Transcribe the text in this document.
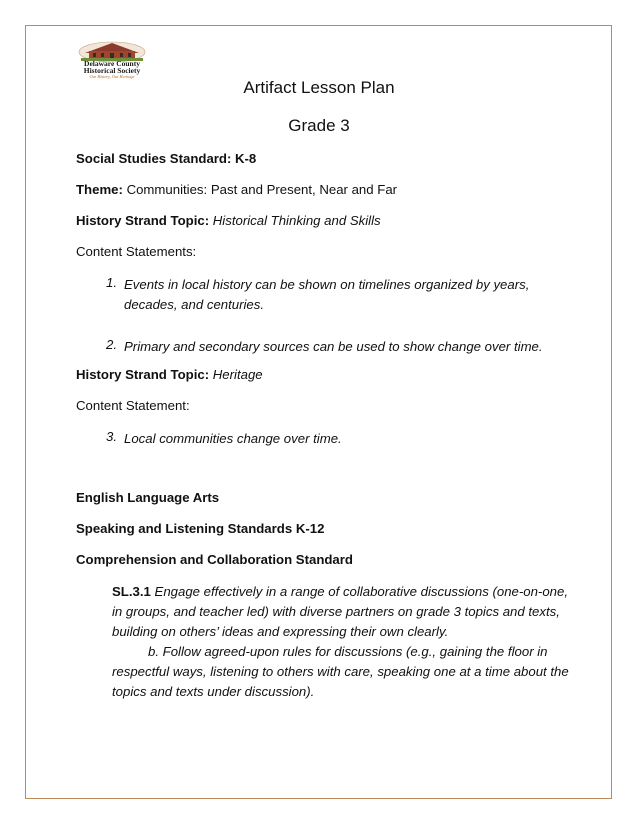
Delaware County
Historical Society
Our History, Our Heritage
Artifact Lesson Plan
Grade 3
Social Studies Standard: K-8
Theme: Communities: Past and Present, Near and Far
History Strand Topic: Historical Thinking and Skills
Content Statements:
1. Events in local history can be shown on timelines organized by years, decades, and centuries.
2. Primary and secondary sources can be used to show change over time.
History Strand Topic: Heritage
Content Statement:
3. Local communities change over time.
English Language Arts
Speaking and Listening Standards K-12
Comprehension and Collaboration Standard
SL.3.1 Engage effectively in a range of collaborative discussions (one-on-one, in groups, and teacher led) with diverse partners on grade 3 topics and texts, building on others’ ideas and expressing their own clearly.
b. Follow agreed-upon rules for discussions (e.g., gaining the floor in respectful ways, listening to others with care, speaking one at a time about the topics and texts under discussion).
